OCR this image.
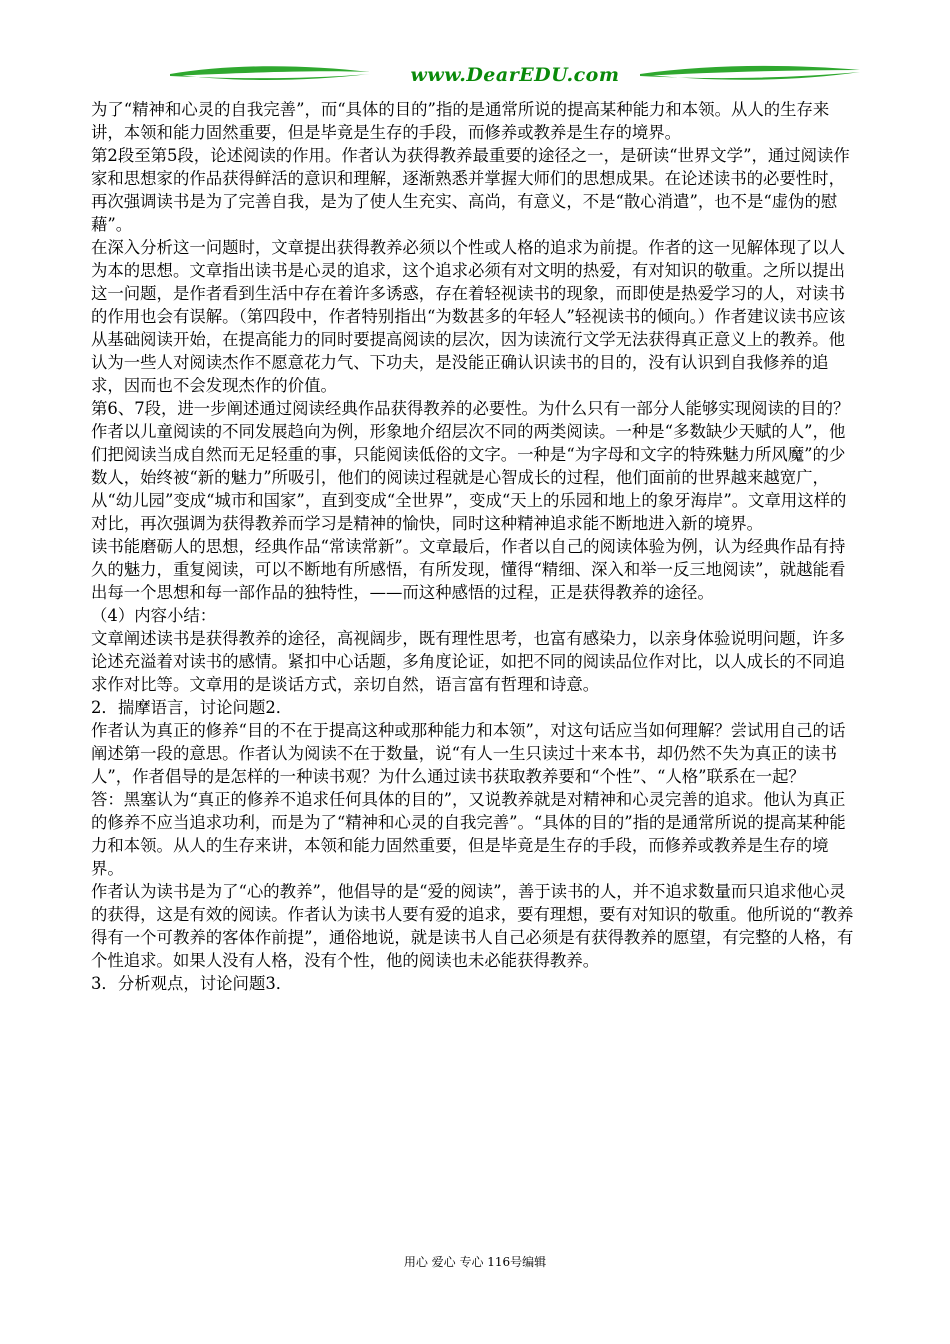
www.DearEDU.com

为了“精神和心灵的自我完善”，而“具体的目的”指的是通常所说的提高某种能力和本领。从人的生存来讲，本领和能力固然重要，但是毕竟是生存的手段，而修养或教养是生存的境界。

第2段至第5段，论述阅读的作用。作者认为获得教养最重要的途径之一，是研读“世界文学”，通过阅读作家和思想家的作品获得鲜活的意识和理解，逐渐熟悉并掌握大师们的思想成果。在论述读书的必要性时，再次强调读书是为了完善自我，是为了使人生充实、高尚，有意义，不是“散心消遣”，也不是“虚伪的慰藉”。

在深入分析这一问题时，文章提出获得教养必须以个性或人格的追求为前提。作者的这一见解体现了以人为本的思想。文章指出读书是心灵的追求，这个追求必须有对文明的热爱，有对知识的敬重。之所以提出这一问题，是作者看到生活中存在着许多诱惑，存在着轻视读书的现象，而即使是热爱学习的人，对读书的作用也会有误解。（第四段中，作者特别指出“为数甚多的年轻人”轻视读书的倾向。）作者建议读书应该从基础阅读开始，在提高能力的同时要提高阅读的层次，因为读流行文学无法获得真正意义上的教养。他认为一些人对阅读杰作不愿意花力气、下功夫，是没能正确认识读书的目的，没有认识到自我修养的追求，因而也不会发现杰作的价值。

第6、7段，进一步阐述通过阅读经典作品获得教养的必要性。为什么只有一部分人能够实现阅读的目的？作者以儿童阅读的不同发展趋向为例，形象地介绍层次不同的两类阅读。一种是“多数缺少天赋的人”，他们把阅读当成自然而无足轻重的事，只能阅读低俗的文字。一种是“为字母和文字的特殊魅力所风魔”的少数人，始终被“新的魅力”所吸引，他们的阅读过程就是心智成长的过程，他们面前的世界越来越宽广，从“幼儿园”变成“城市和国家”，直到变成“全世界”，变成“天上的乐园和地上的象牙海岸”。文章用这样的对比，再次强调为获得教养而学习是精神的愉快，同时这种精神追求能不断地进入新的境界。

读书能磨砺人的思想，经典作品“常读常新”。文章最后，作者以自己的阅读体验为例，认为经典作品有持久的魅力，重复阅读，可以不断地有所感悟，有所发现，懂得“精细、深入和举一反三地阅读”，就越能看出每一个思想和每一部作品的独特性，——而这种感悟的过程，正是获得教养的途径。

（4）内容小结：

文章阐述读书是获得教养的途径，高视阔步，既有理性思考，也富有感染力，以亲身体验说明问题，许多论述充溢着对读书的感情。紧扣中心话题，多角度论证，如把不同的阅读品位作对比，以人成长的不同追求作对比等。文章用的是谈话方式，亲切自然，语言富有哲理和诗意。

2．揣摩语言，讨论问题2．

作者认为真正的修养“目的不在于提高这种或那种能力和本领”，对这句话应当如何理解？尝试用自己的话阐述第一段的意思。作者认为阅读不在于数量，说“有人一生只读过十来本书，却仍然不失为真正的读书人”，作者倡导的是怎样的一种读书观？为什么通过读书获取教养要和“个性”、“人格”联系在一起？

答：黑塞认为“真正的修养不追求任何具体的目的”，又说教养就是对精神和心灵完善的追求。他认为真正的修养不应当追求功利，而是为了“精神和心灵的自我完善”。“具体的目的”指的是通常所说的提高某种能力和本领。从人的生存来讲，本领和能力固然重要，但是毕竟是生存的手段，而修养或教养是生存的境界。

作者认为读书是为了“心的教养”，他倡导的是“爱的阅读”，善于读书的人，并不追求数量而只追求他心灵的获得，这是有效的阅读。作者认为读书人要有爱的追求，要有理想，要有对知识的敬重。他所说的“教养得有一个可教养的客体作前提”，通俗地说，就是读书人自己必须是有获得教养的愿望，有完整的人格，有个性追求。如果人没有人格，没有个性，他的阅读也未必能获得教养。

3．分析观点，讨论问题3．

用心 爱心 专心 116号编辑
